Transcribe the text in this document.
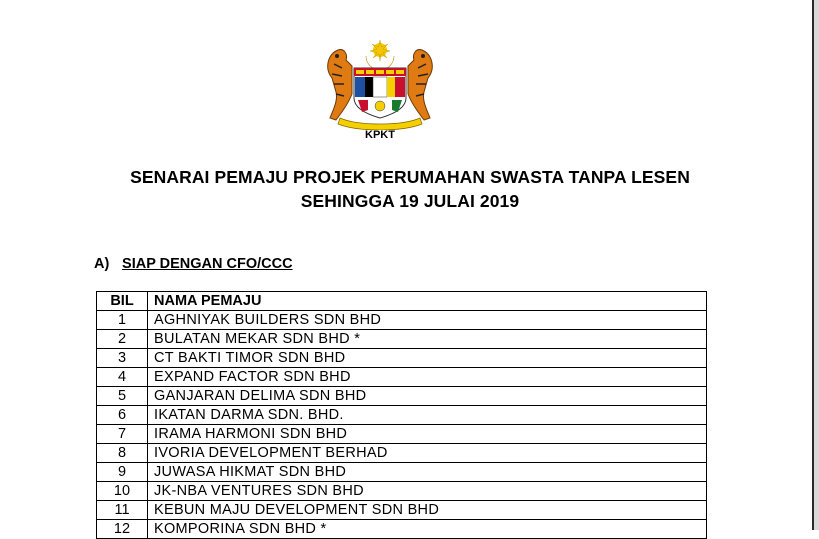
KPKT
SENARAI PEMAJU PROJEK PERUMAHAN SWASTA TANPA LESEN
SEHINGGA 19 JULAI 2019
A) SIAP DENGAN CFO/CCC
BIL	NAMA PEMAJU
1	AGHNIYAK BUILDERS SDN BHD
2	BULATAN MEKAR SDN BHD *
3	CT BAKTI TIMOR SDN BHD
4	EXPAND FACTOR SDN BHD
5	GANJARAN DELIMA SDN BHD
6	IKATAN DARMA SDN. BHD.
7	IRAMA HARMONI SDN BHD
8	IVORIA DEVELOPMENT BERHAD
9	JUWASA HIKMAT SDN BHD
10	JK-NBA VENTURES SDN BHD
11	KEBUN MAJU DEVELOPMENT SDN BHD
12	KOMPORINA SDN BHD *
